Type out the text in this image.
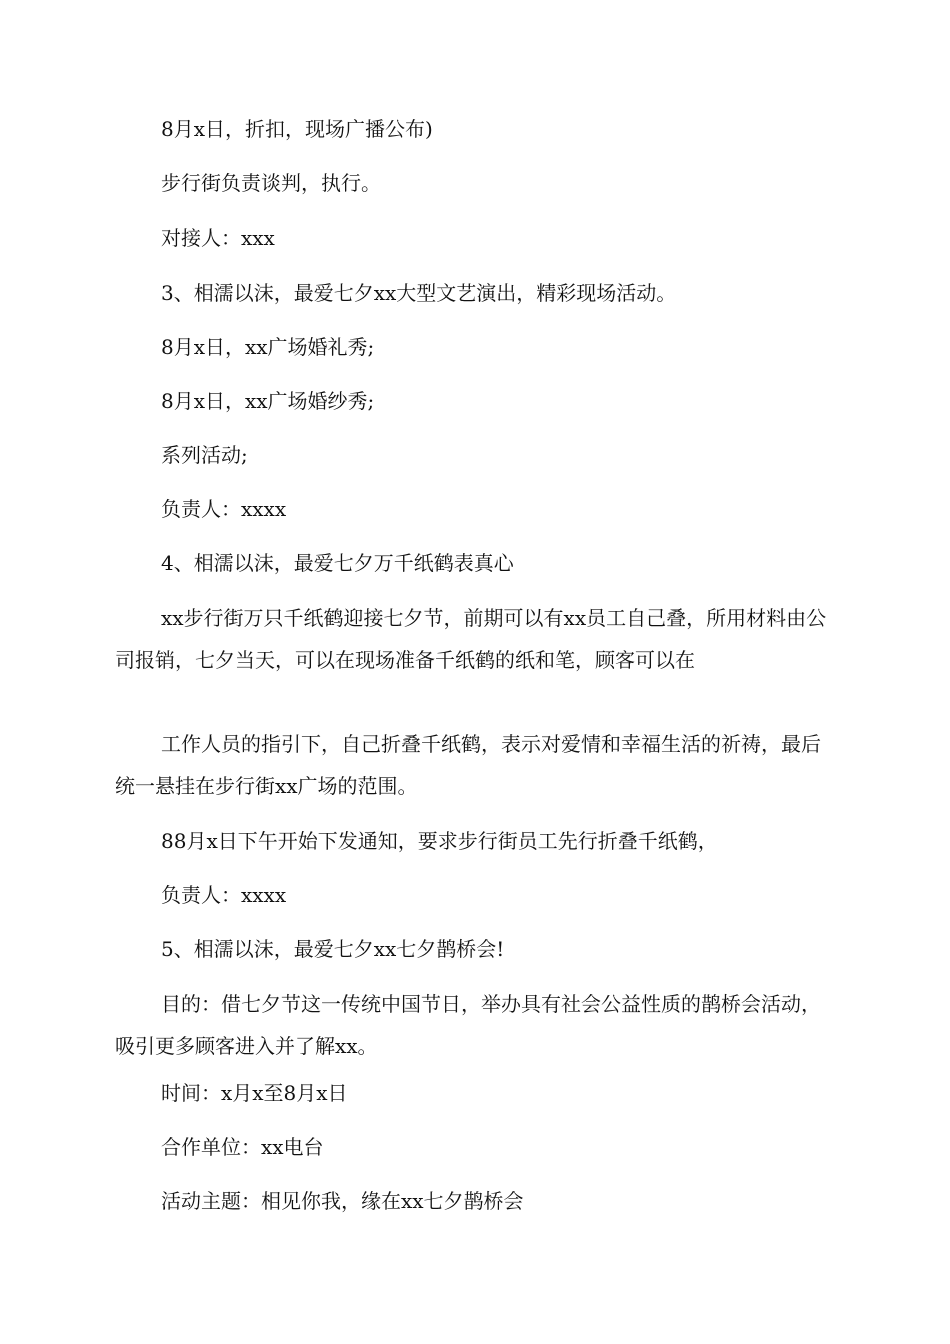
8月x日，折扣，现场广播公布)

步行街负责谈判，执行。

对接人：xxx

3、相濡以沫，最爱七夕xx大型文艺演出，精彩现场活动。

8月x日，xx广场婚礼秀;

8月x日，xx广场婚纱秀;

系列活动;

负责人：xxxx

4、相濡以沫，最爱七夕万千纸鹤表真心

xx步行街万只千纸鹤迎接七夕节，前期可以有xx员工自己叠，所用材料由公司报销，七夕当天，可以在现场准备千纸鹤的纸和笔，顾客可以在

工作人员的指引下，自己折叠千纸鹤，表示对爱情和幸福生活的祈祷，最后统一悬挂在步行街xx广场的范围。

88月x日下午开始下发通知，要求步行街员工先行折叠千纸鹤，

负责人：xxxx

5、相濡以沫，最爱七夕xx七夕鹊桥会!

目的：借七夕节这一传统中国节日，举办具有社会公益性质的鹊桥会活动，吸引更多顾客进入并了解xx。

时间：x月x至8月x日

合作单位：xx电台

活动主题：相见你我，缘在xx七夕鹊桥会
